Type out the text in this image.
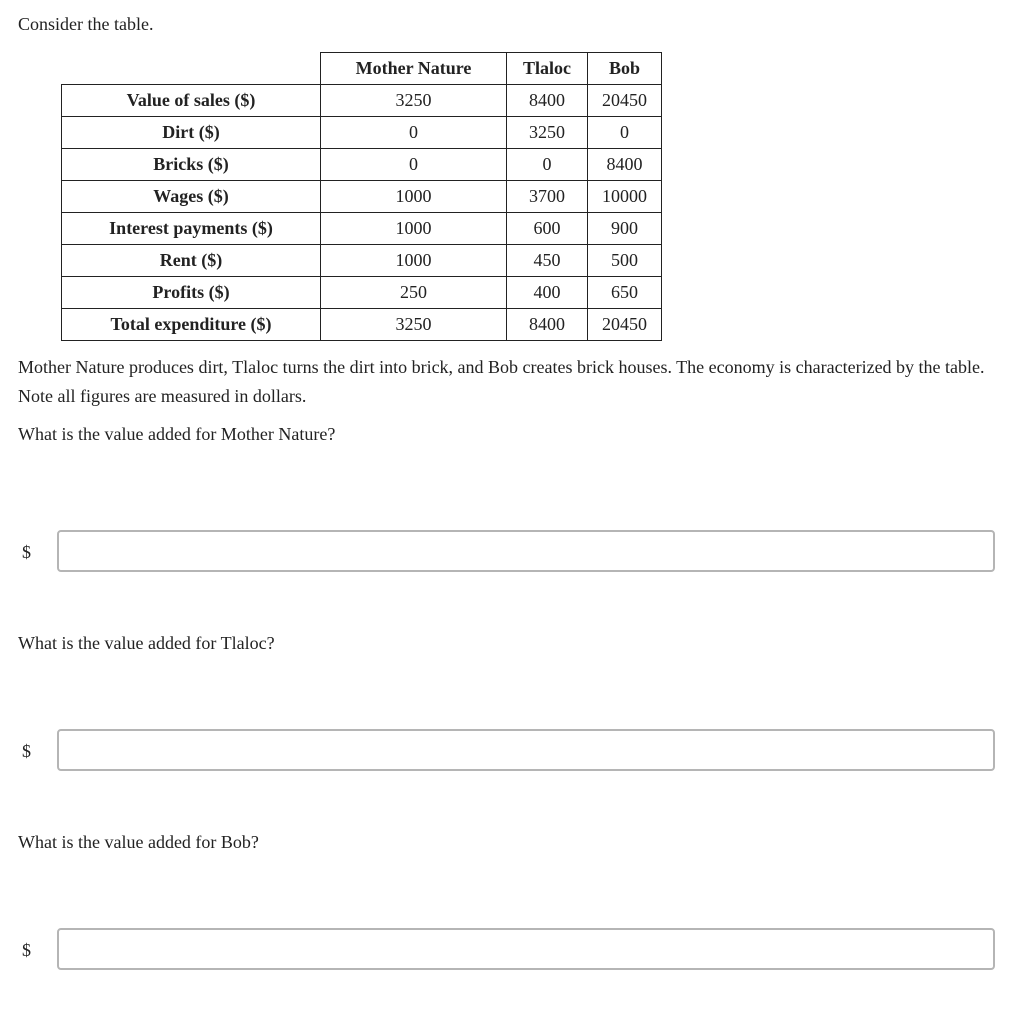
Consider the table.

	Mother Nature	Tlaloc	Bob
Value of sales ($)	3250	8400	20450
Dirt ($)	0	3250	0
Bricks ($)	0	0	8400
Wages ($)	1000	3700	10000
Interest payments ($)	1000	600	900
Rent ($)	1000	450	500
Profits ($)	250	400	650
Total expenditure ($)	3250	8400	20450

Mother Nature produces dirt, Tlaloc turns the dirt into brick, and Bob creates brick houses. The economy is characterized by the table. Note all figures are measured in dollars.

What is the value added for Mother Nature?

$

What is the value added for Tlaloc?

$

What is the value added for Bob?

$
